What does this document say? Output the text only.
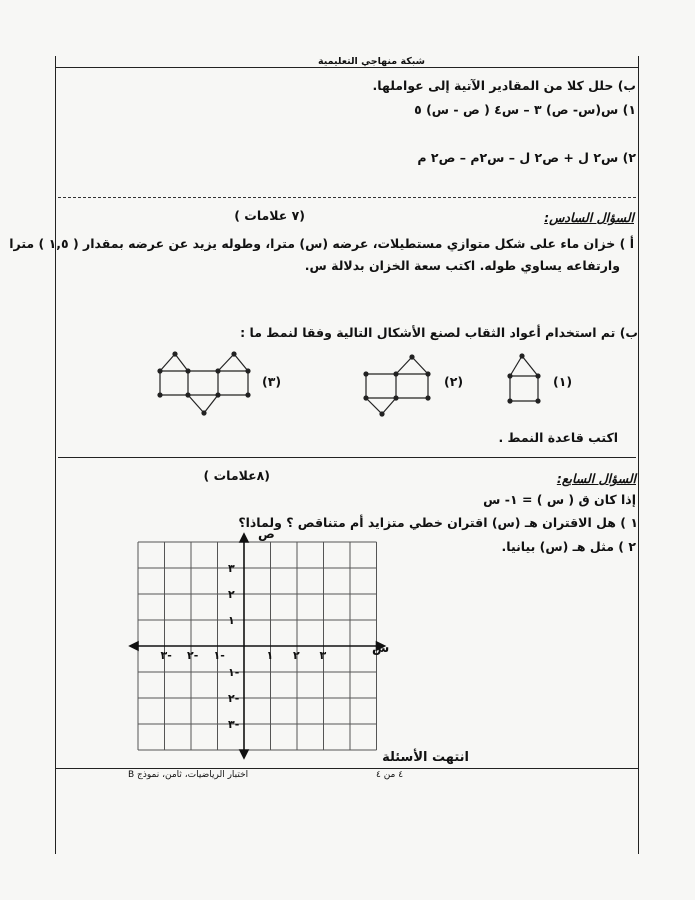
شبكة منهاجي التعليمية
ب) حلل كلا من المقادير الآتية إلى عواملها.
١) س(س- ص) ٣ – س٤ ( ص - س) ٥
٢) س٢ ل + ص٢ ل – س٢م – ص٢ م
السؤال السادس:
(٧ علامات )
أ ) خزان ماء على شكل متوازي مستطيلات، عرضه (س) مترا، وطوله يزيد عن عرضه بمقدار ( ١,٥ ) مترا
وارتفاعه يساوي طوله. اكتب سعة الخزان بدلالة س.
ب) تم استخدام أعواد الثقاب لصنع الأشكال التالية وفقا لنمط ما :
(١)
(٢)
(٣)
اكتب قاعدة النمط .
السؤال السابع:
(٨علامات )
إذا كان ق ( س ) = ١- س
١ ) هل الاقتران هـ (س) اقتران خطي متزايد أم متناقص ؟ ولماذا؟
٢ ) مثل هـ (س) بيانيا.
٣- ٢- ١-	١ ٢ ٣
٣
٢
١
١-
٢-
٣-
ص
س
انتهت الأسئلة
٤ من ٤
اختبار الرياضيات، ثامن، نموذج B
